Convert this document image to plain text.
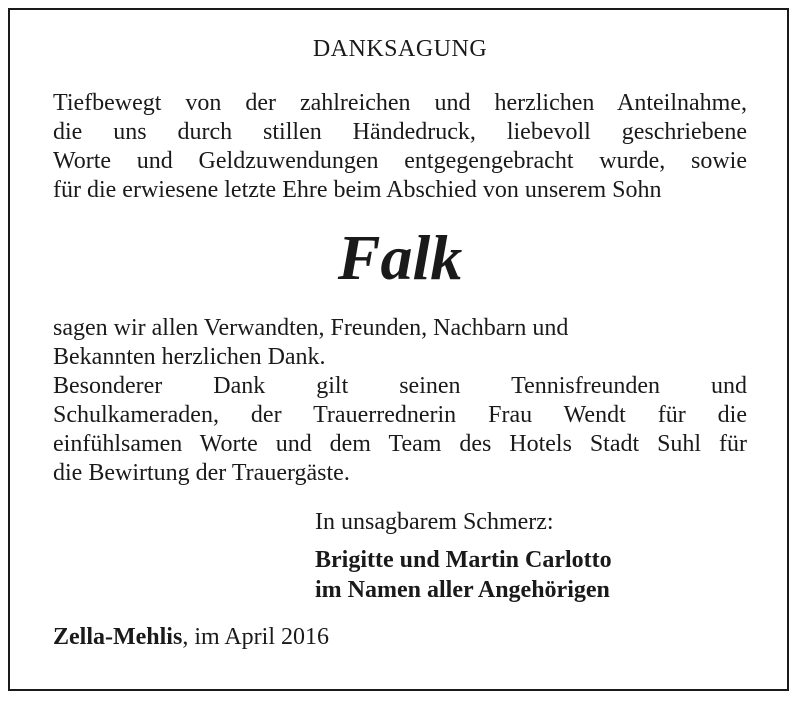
DANKSAGUNG
Tiefbewegt von der zahlreichen und herzlichen Anteilnahme,
die uns durch stillen Händedruck, liebevoll geschriebene
Worte und Geldzuwendungen entgegengebracht wurde, sowie
für die erwiesene letzte Ehre beim Abschied von unserem Sohn
Falk
sagen wir allen Verwandten, Freunden, Nachbarn und
Bekannten herzlichen Dank.
Besonderer Dank gilt seinen Tennisfreunden und
Schulkameraden, der Trauerrednerin Frau Wendt für die
einfühlsamen Worte und dem Team des Hotels Stadt Suhl für
die Bewirtung der Trauergäste.
In unsagbarem Schmerz:
Brigitte und Martin Carlotto
im Namen aller Angehörigen
Zella-Mehlis, im April 2016
